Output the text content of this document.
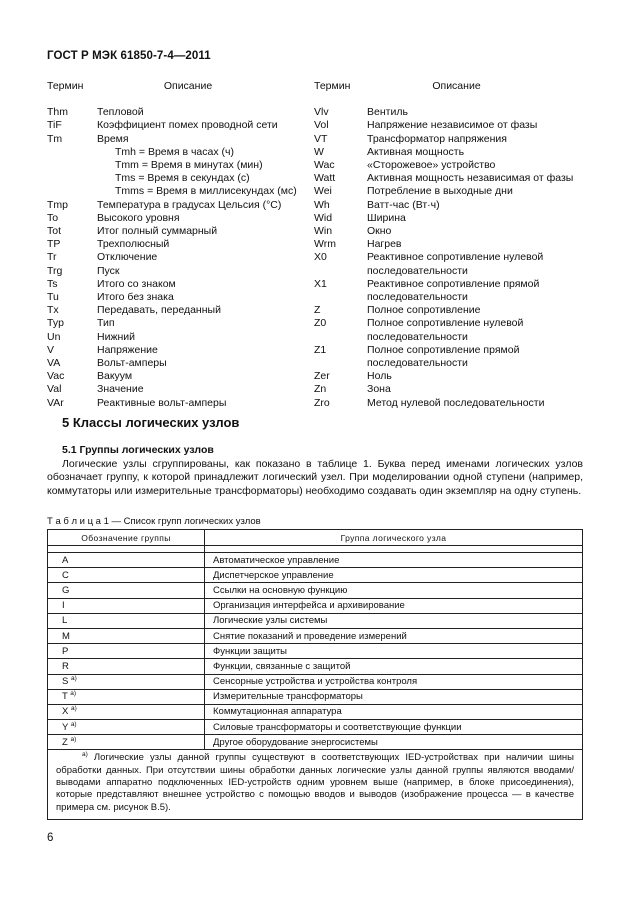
ГОСТ Р МЭК 61850-7-4—2011
Термин	Описание
Thm	Тепловой
TiF	Коэффициент помех проводной сети
Tm	Время
Tmh = Время в часах (ч)
Tmm = Время в минутах (мин)
Tms = Время в секундах (с)
Tmms = Время в миллисекундах (мс)
Tmp	Температура в градусах Цельсия (°C)
To	Высокого уровня
Tot	Итог полный суммарный
TP	Трехполюсный
Tr	Отключение
Trg	Пуск
Ts	Итого со знаком
Tu	Итого без знака
Tx	Передавать, переданный
Typ	Тип
Un	Нижний
V	Напряжение
VA	Вольт-амперы
Vac	Вакуум
Val	Значение
VAr	Реактивные вольт-амперы
Термин	Описание
Vlv	Вентиль
Vol	Напряжение независимое от фазы
VT	Трансформатор напряжения
W	Активная мощность
Wac	«Сторожевое» устройство
Watt	Активная мощность независимая от фазы
Wei	Потребление в выходные дни
Wh	Ватт-час (Вт·ч)
Wid	Ширина
Win	Окно
Wrm	Нагрев
X0	Реактивное сопротивление нулевой последовательности
X1	Реактивное сопротивление прямой последовательности
Z	Полное сопротивление
Z0	Полное сопротивление нулевой последовательности
Z1	Полное сопротивление прямой последовательности
Zer	Ноль
Zn	Зона
Zro	Метод нулевой последовательности
5 Классы логических узлов
5.1 Группы логических узлов
Логические узлы сгруппированы, как показано в таблице 1. Буква перед именами логических узлов обозначает группу, к которой принадлежит логический узел. При моделировании одной ступени (например, коммутаторы или измерительные трансформаторы) необходимо создавать один экземпляр на одну ступень.
Т а б л и ц а 1 — Список групп логических узлов
Обозначение группы	Группа логического узла

A	Автоматическое управление
C	Диспетчерское управление
G	Ссылки на основную функцию
I	Организация интерфейса и архивирование
L	Логические узлы системы
M	Снятие показаний и проведение измерений
P	Функции защиты
R	Функции, связанные с защитой
S $^{a)}$	Сенсорные устройства и устройства контроля
T $^{a)}$	Измерительные трансформаторы
X $^{a)}$	Коммутационная аппаратура
Y $^{a)}$	Силовые трансформаторы и соответствующие функции
Z $^{a)}$	Другое оборудование энергосистемы
$^{a)}$ Логические узлы данной группы существуют в соответствующих IED-устройствах при наличии шины обработки данных. При отсутствии шины обработки данных логические узлы данной группы являются вводами/выводами аппаратно подключенных IED-устройств одним уровнем выше (например, в блоке присоединения), которые представляют внешнее устройство с помощью вводов и выводов (изображение процесса — в качестве примера см. рисунок В.5).	
6
